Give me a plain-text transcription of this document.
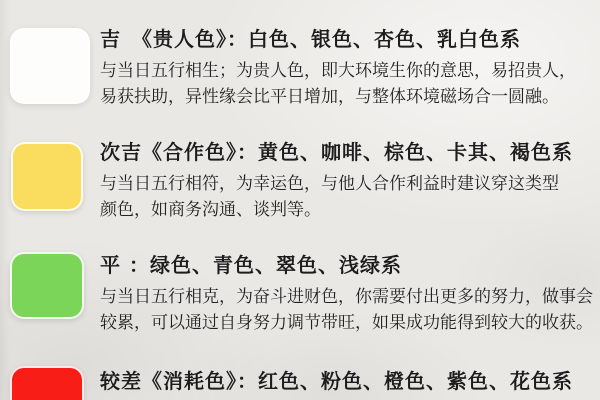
吉　《贵人色》：白色、银色、杏色、乳白色系
与当日五行相生；为贵人色，即大环境生你的意思，易招贵人，
易获扶助，异性缘会比平日增加，与整体环境磁场合一圆融。
次吉《合作色》：黄色、咖啡、棕色、卡其、褐色系
与当日五行相符，为幸运色，与他人合作利益时建议穿这类型
颜色，如商务沟通、谈判等。
平 ：绿色、青色、翠色、浅绿系
与当日五行相克，为奋斗进财色，你需要付出更多的努力，做事会
较累，可以通过自身努力调节带旺，如果成功能得到较大的收获。
较差《消耗色》：红色、粉色、橙色、紫色、花色系
